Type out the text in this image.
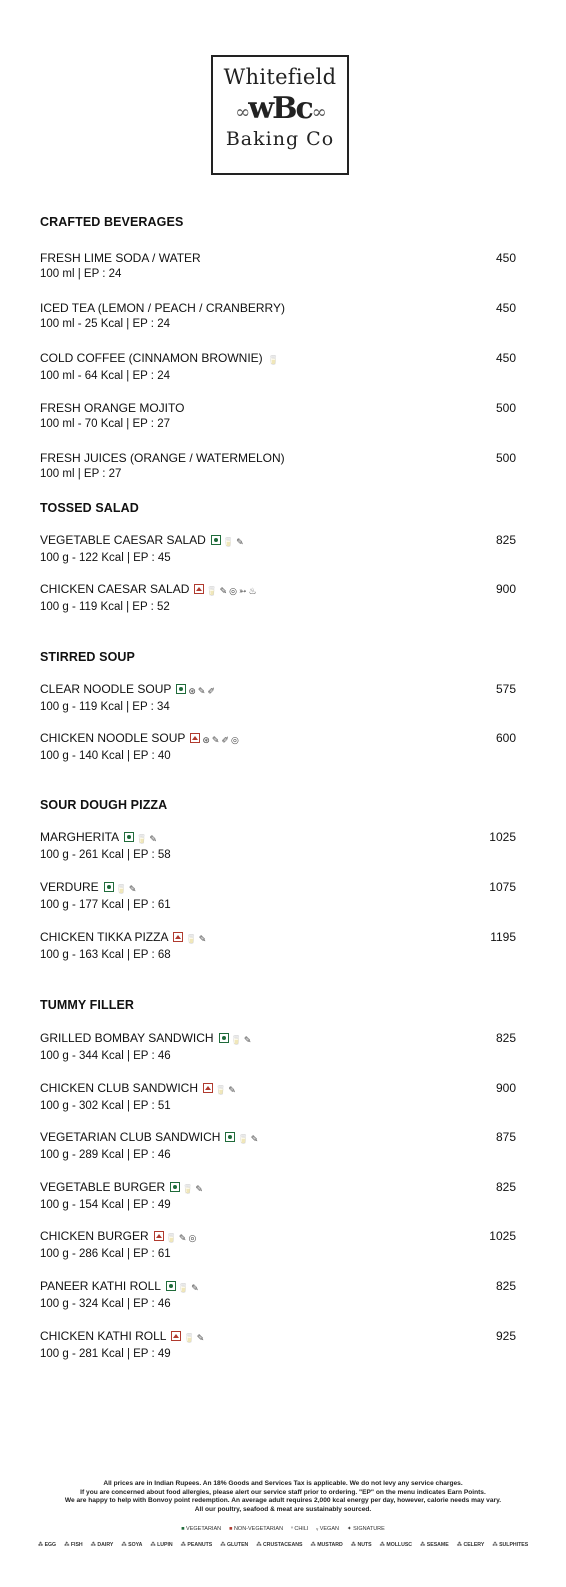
Whitefield
∞wBc∞
Baking Co
CRAFTED BEVERAGES
FRESH LIME SODA / WATER
100 ml | EP : 24
450
ICED TEA (LEMON / PEACH / CRANBERRY)
100 ml - 25 Kcal | EP : 24
450
COLD COFFEE (CINNAMON BROWNIE) 🥛
100 ml - 64 Kcal | EP : 24
450
FRESH ORANGE MOJITO
100 ml - 70 Kcal | EP : 27
500
FRESH JUICES (ORANGE / WATERMELON)
100 ml | EP : 27
500
TOSSED SALAD
VEGETABLE CAESAR SALAD 🥛 ✎
100 g - 122 Kcal | EP : 45
825
CHICKEN CAESAR SALAD 🥛 ✎ ◎ ➳ ♨
100 g - 119 Kcal | EP : 52
900
STIRRED SOUP
CLEAR NOODLE SOUP ⊛ ✎ ✐
100 g - 119 Kcal | EP : 34
575
CHICKEN NOODLE SOUP ⊛ ✎ ✐ ◎
100 g - 140 Kcal | EP : 40
600
SOUR DOUGH PIZZA
MARGHERITA 🥛 ✎
100 g - 261 Kcal | EP : 58
1025
VERDURE 🥛 ✎
100 g - 177 Kcal | EP : 61
1075
CHICKEN TIKKA PIZZA 🥛 ✎
100 g - 163 Kcal | EP : 68
1195
TUMMY FILLER
GRILLED BOMBAY SANDWICH 🥛 ✎
100 g - 344 Kcal | EP : 46
825
CHICKEN CLUB SANDWICH 🥛 ✎
100 g - 302 Kcal | EP : 51
900
VEGETARIAN CLUB SANDWICH 🥛 ✎
100 g - 289 Kcal | EP : 46
875
VEGETABLE BURGER 🥛 ✎
100 g - 154 Kcal | EP : 49
825
CHICKEN BURGER 🥛 ✎ ◎
100 g - 286 Kcal | EP : 61
1025
PANEER KATHI ROLL 🥛 ✎
100 g - 324 Kcal | EP : 46
825
CHICKEN KATHI ROLL 🥛 ✎
100 g - 281 Kcal | EP : 49
925
All prices are in Indian Rupees. An 18% Goods and Services Tax is applicable. We do not levy any service charges.
If you are concerned about food allergies, please alert our service staff prior to ordering. "EP" on the menu indicates Earn Points.
We are happy to help with Bonvoy point redemption. An average adult requires 2,000 kcal energy per day, however, calorie needs may vary.
All our poultry, seafood & meat are sustainably sourced.
■ VEGETARIAN ■ NON-VEGETARIAN ᵛ CHILI ᵥ VEGAN ✦ SIGNATURE
⁂ EGG ⁂ FISH ⁂ DAIRY ⁂ SOYA ⁂ LUPIN ⁂ PEANUTS ⁂ GLUTEN ⁂ CRUSTACEANS ⁂ MUSTARD ⁂ NUTS ⁂ MOLLUSC ⁂ SESAME ⁂ CELERY ⁂ SULPHITES
